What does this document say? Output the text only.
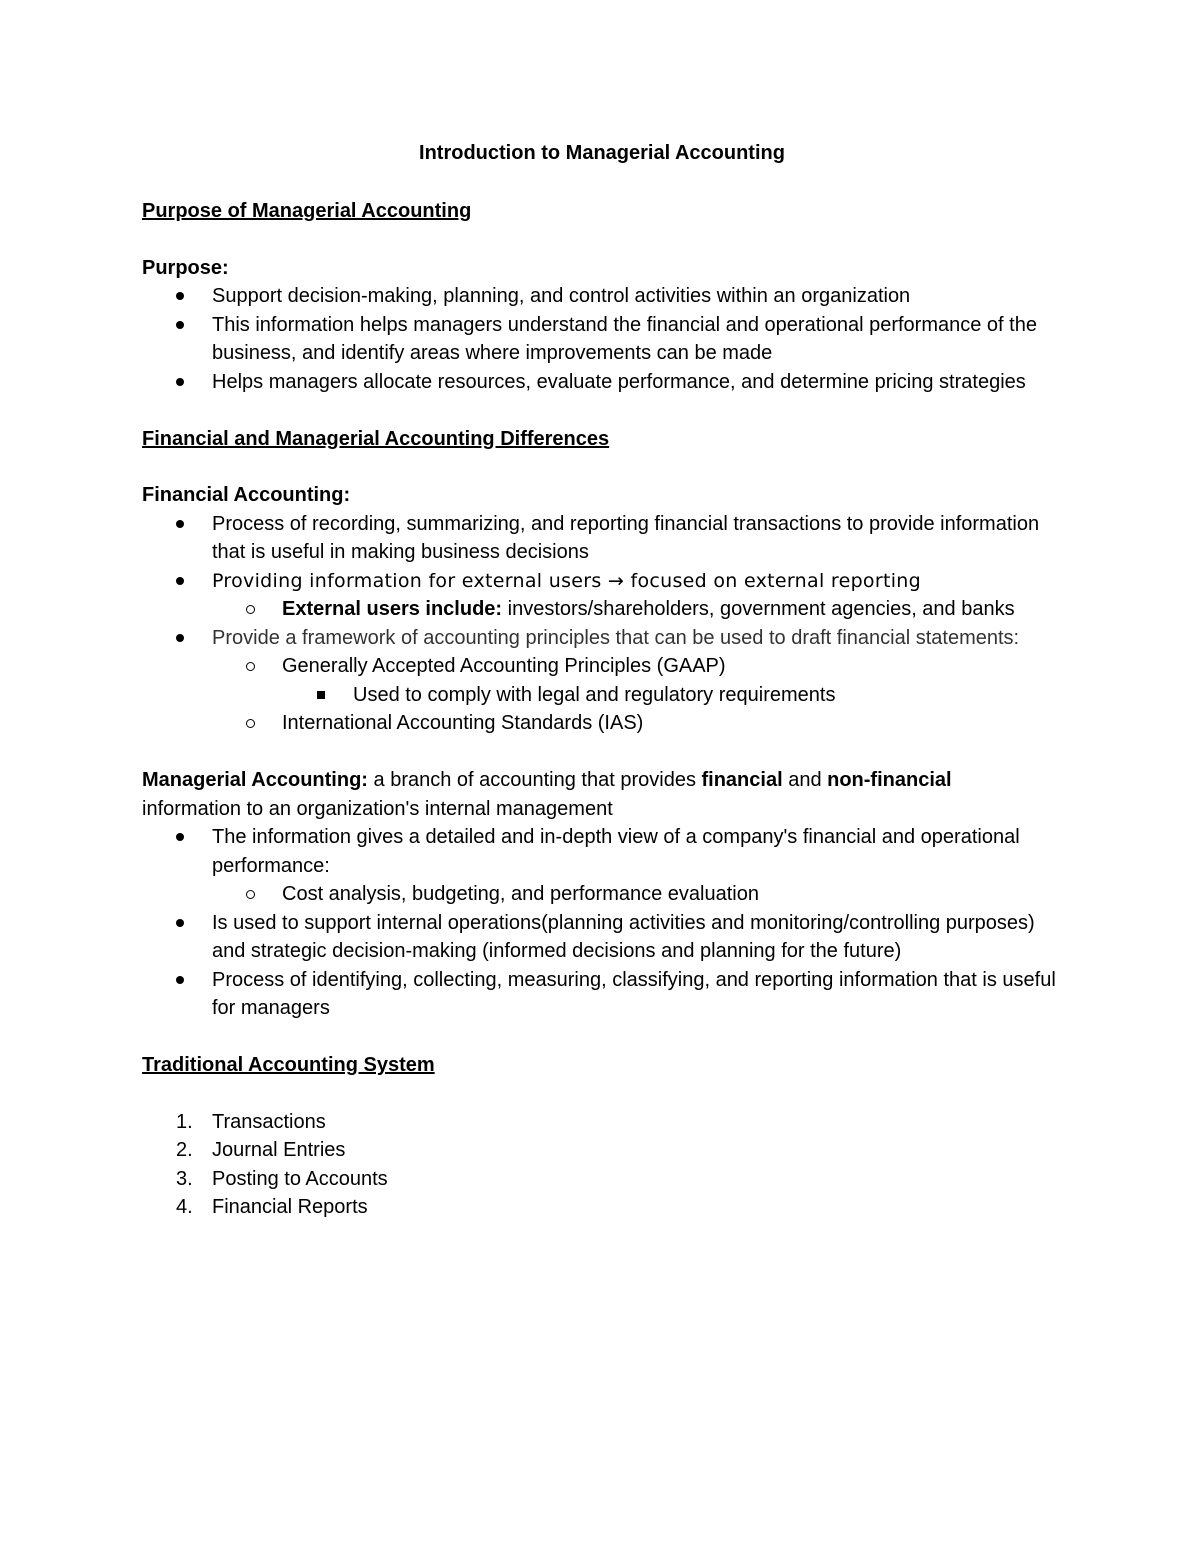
Introduction to Managerial Accounting
Purpose of Managerial Accounting
Purpose:
Support decision-making, planning, and control activities within an organization
This information helps managers understand the financial and operational performance of the business, and identify areas where improvements can be made
Helps managers allocate resources, evaluate performance, and determine pricing strategies
Financial and Managerial Accounting Differences
Financial Accounting:
Process of recording, summarizing, and reporting financial transactions to provide information that is useful in making business decisions
Providing information for external users → focused on external reporting
External users include: investors/shareholders, government agencies, and banks
Provide a framework of accounting principles that can be used to draft financial statements:
Generally Accepted Accounting Principles (GAAP)
Used to comply with legal and regulatory requirements
International Accounting Standards (IAS)
Managerial Accounting: a branch of accounting that provides financial and non-financial
information to an organization's internal management
The information gives a detailed and in-depth view of a company's financial and operational performance:
Cost analysis, budgeting, and performance evaluation
Is used to support internal operations(planning activities and monitoring/controlling purposes) and strategic decision-making (informed decisions and planning for the future)
Process of identifying, collecting, measuring, classifying, and reporting information that is useful for managers
Traditional Accounting System
1. Transactions
2. Journal Entries
3. Posting to Accounts
4. Financial Reports
